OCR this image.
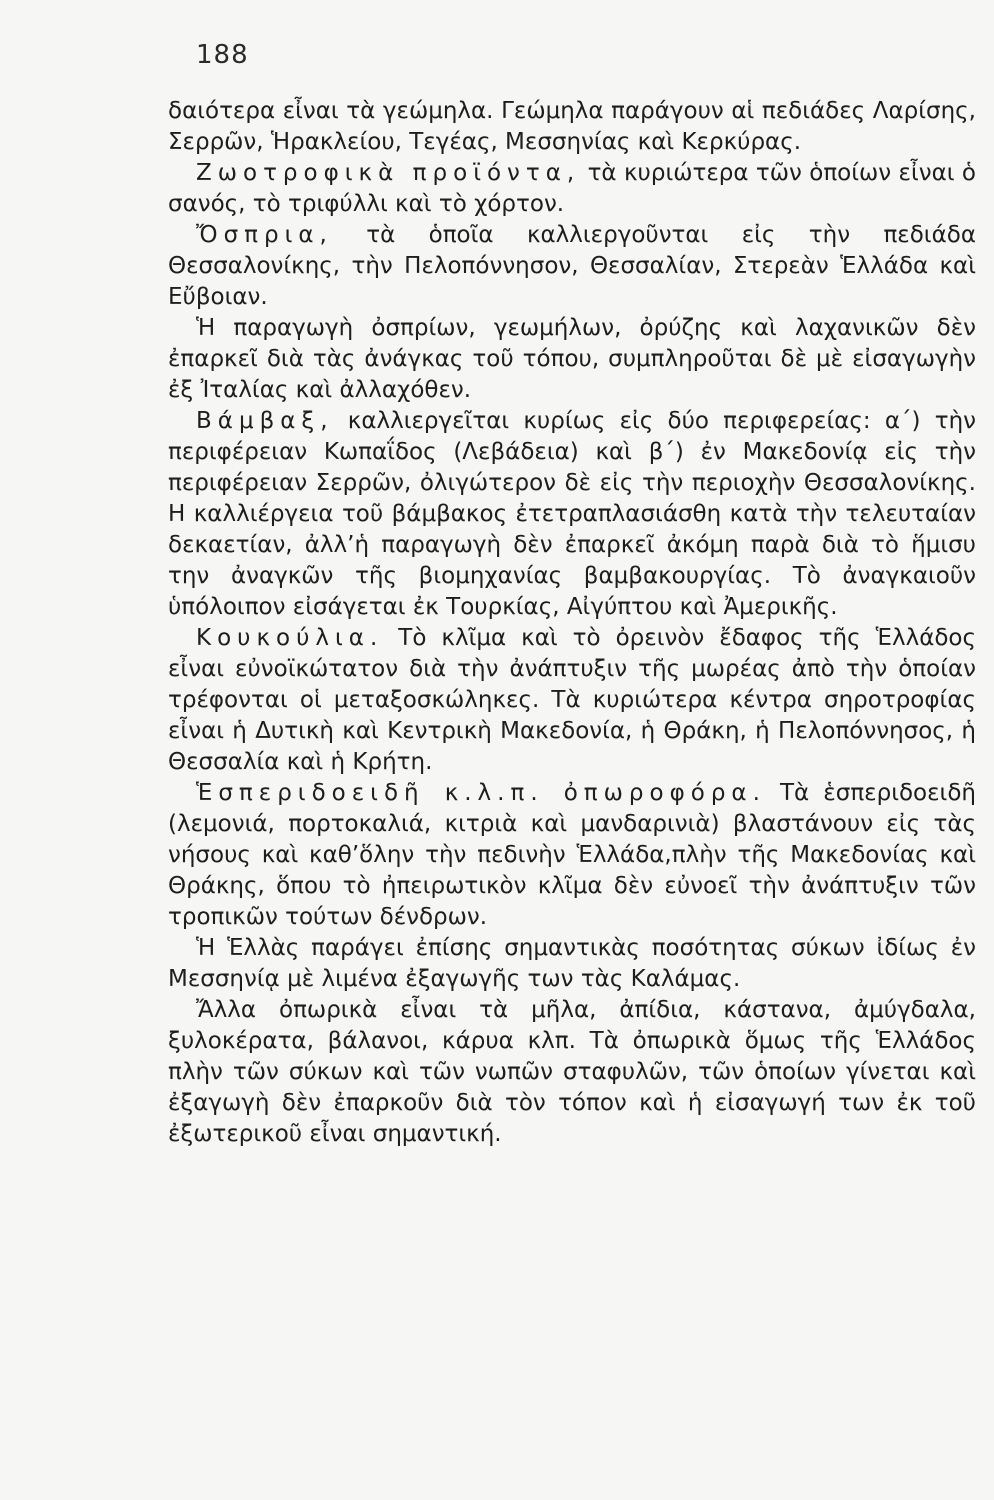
188

δαιότερα εἶναι τὰ γεώμηλα. Γεώμηλα παράγουν αἱ πεδιάδες Λαρίσης, Σερρῶν, Ἡρακλείου, Τεγέας, Μεσσηνίας καὶ Κερκύρας.

Ζωοτροφικὰ προϊόντα, τὰ κυριώτερα τῶν ὁποίων εἶναι ὁ σανός, τὸ τριφύλλι καὶ τὸ χόρτον.

Ὄσπρια, τὰ ὁποῖα καλλιεργοῦνται εἰς τὴν πεδιάδα Θεσσαλονίκης, τὴν Πελοπόννησον, Θεσσαλίαν, Στερεὰν Ἑλλάδα καὶ Εὔβοιαν.

Ἡ παραγωγὴ ὀσπρίων, γεωμήλων, ὀρύζης καὶ λαχανικῶν δὲν ἐπαρκεῖ διὰ τὰς ἀνάγκας τοῦ τόπου, συμπληροῦται δὲ μὲ εἰσαγωγὴν ἐξ Ἰταλίας καὶ ἀλλαχόθεν.

Βάμβαξ, καλλιεργεῖται κυρίως εἰς δύο περιφερείας: α΄) τὴν περιφέρειαν Κωπαΐδος (Λεβάδεια) καὶ β΄) ἐν Μακεδονίᾳ εἰς τὴν περιφέρειαν Σερρῶν, ὀλιγώτερον δὲ εἰς τὴν περιοχὴν Θεσσαλονίκης. Η καλλιέργεια τοῦ βάμβακος ἐτετραπλασιάσθη κατὰ τὴν τελευταίαν δεκαετίαν, ἀλλ’ἡ παραγωγὴ δὲν ἐπαρκεῖ ἀκόμη παρὰ διὰ τὸ ἥμισυ την ἀναγκῶν τῆς βιομηχανίας βαμβακουργίας. Τὸ ἀναγκαιοῦν ὑπόλοιπον εἰσάγεται ἐκ Τουρκίας, Αἰγύπτου καὶ Ἀμερικῆς.

Κουκούλια. Τὸ κλῖμα καὶ τὸ ὀρεινὸν ἔδαφος τῆς Ἑλλάδος εἶναι εὐνοϊκώτατον διὰ τὴν ἀνάπτυξιν τῆς μωρέας ἀπὸ τὴν ὁποίαν τρέφονται οἱ μεταξοσκώληκες. Τὰ κυριώτερα κέντρα σηροτροφίας εἶναι ἡ Δυτικὴ καὶ Κεντρικὴ Μακεδονία, ἡ Θράκη, ἡ Πελοπόννησος, ἡ Θεσσαλία καὶ ἡ Κρήτη.

Ἑσπεριδοειδῆ κ.λ.π. ὀπωροφόρα. Τὰ ἑσπεριδοειδῆ (λεμονιά, πορτοκαλιά, κιτριὰ καὶ μανδαρινιὰ) βλαστάνουν εἰς τὰς νήσους καὶ καθ’ὅλην τὴν πεδινὴν Ἑλλάδα,πλὴν τῆς Μακεδονίας καὶ Θράκης, ὅπου τὸ ἠπειρωτικὸν κλῖμα δὲν εὐνοεῖ τὴν ἀνάπτυξιν τῶν τροπικῶν τούτων δένδρων.

Ἡ Ἑλλὰς παράγει ἐπίσης σημαντικὰς ποσότητας σύκων ἰδίως ἐν Μεσσηνίᾳ μὲ λιμένα ἐξαγωγῆς των τὰς Καλάμας.

Ἄλλα ὀπωρικὰ εἶναι τὰ μῆλα, ἀπίδια, κάστανα, ἀμύγδαλα, ξυλοκέρατα, βάλανοι, κάρυα κλπ. Τὰ ὀπωρικὰ ὅμως τῆς Ἑλλάδος πλὴν τῶν σύκων καὶ τῶν νωπῶν σταφυλῶν, τῶν ὁποίων γίνεται καὶ ἐξαγωγὴ δὲν ἐπαρκοῦν διὰ τὸν τόπον καὶ ἡ εἰσαγωγή των ἐκ τοῦ ἐξωτερικοῦ εἶναι σημαντική.
